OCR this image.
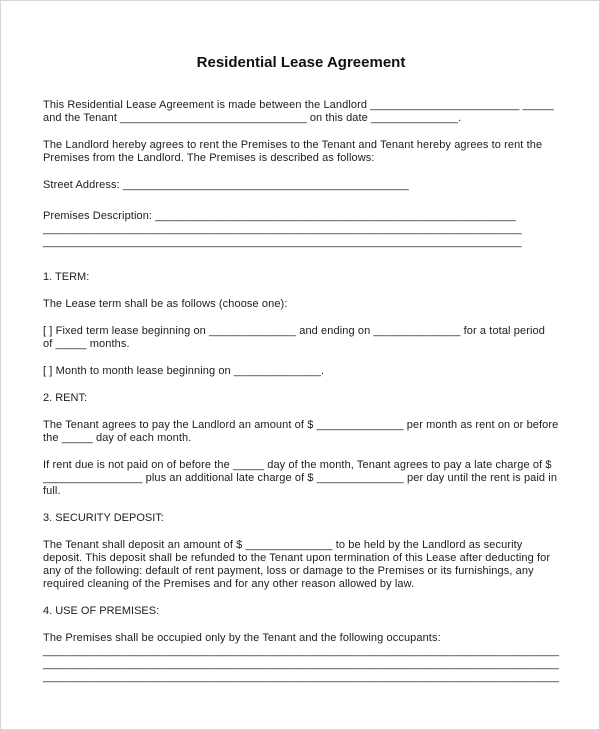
Residential Lease Agreement
This Residential Lease Agreement is made between the Landlord ________________________ _____
and the Tenant ______________________________ on this date ______________.
The Landlord hereby agrees to rent the Premises to the Tenant and Tenant hereby agrees to rent the
Premises from the Landlord. The Premises is described as follows:
Street Address: ______________________________________________
Premises Description: __________________________________________________________
_____________________________________________________________________________
_____________________________________________________________________________
1. TERM:
The Lease term shall be as follows (choose one):
[ ] Fixed term lease beginning on ______________ and ending on ______________ for a total period
of _____ months.
[ ] Month to month lease beginning on ______________.
2. RENT:
The Tenant agrees to pay the Landlord an amount of $ ______________ per month as rent on or before
the _____ day of each month.
If rent due is not paid on of before the _____ day of the month, Tenant agrees to pay a late charge of $
________________ plus an additional late charge of $ ______________ per day until the rent is paid in
full.
3. SECURITY DEPOSIT:
The Tenant shall deposit an amount of $ ______________ to be held by the Landlord as security
deposit. This deposit shall be refunded to the Tenant upon termination of this Lease after deducting for
any of the following: default of rent payment, loss or damage to the Premises or its furnishings, any
required cleaning of the Premises and for any other reason allowed by law.
4. USE OF PREMISES:
The Premises shall be occupied only by the Tenant and the following occupants:
___________________________________________________________________________________
___________________________________________________________________________________
___________________________________________________________________________________
